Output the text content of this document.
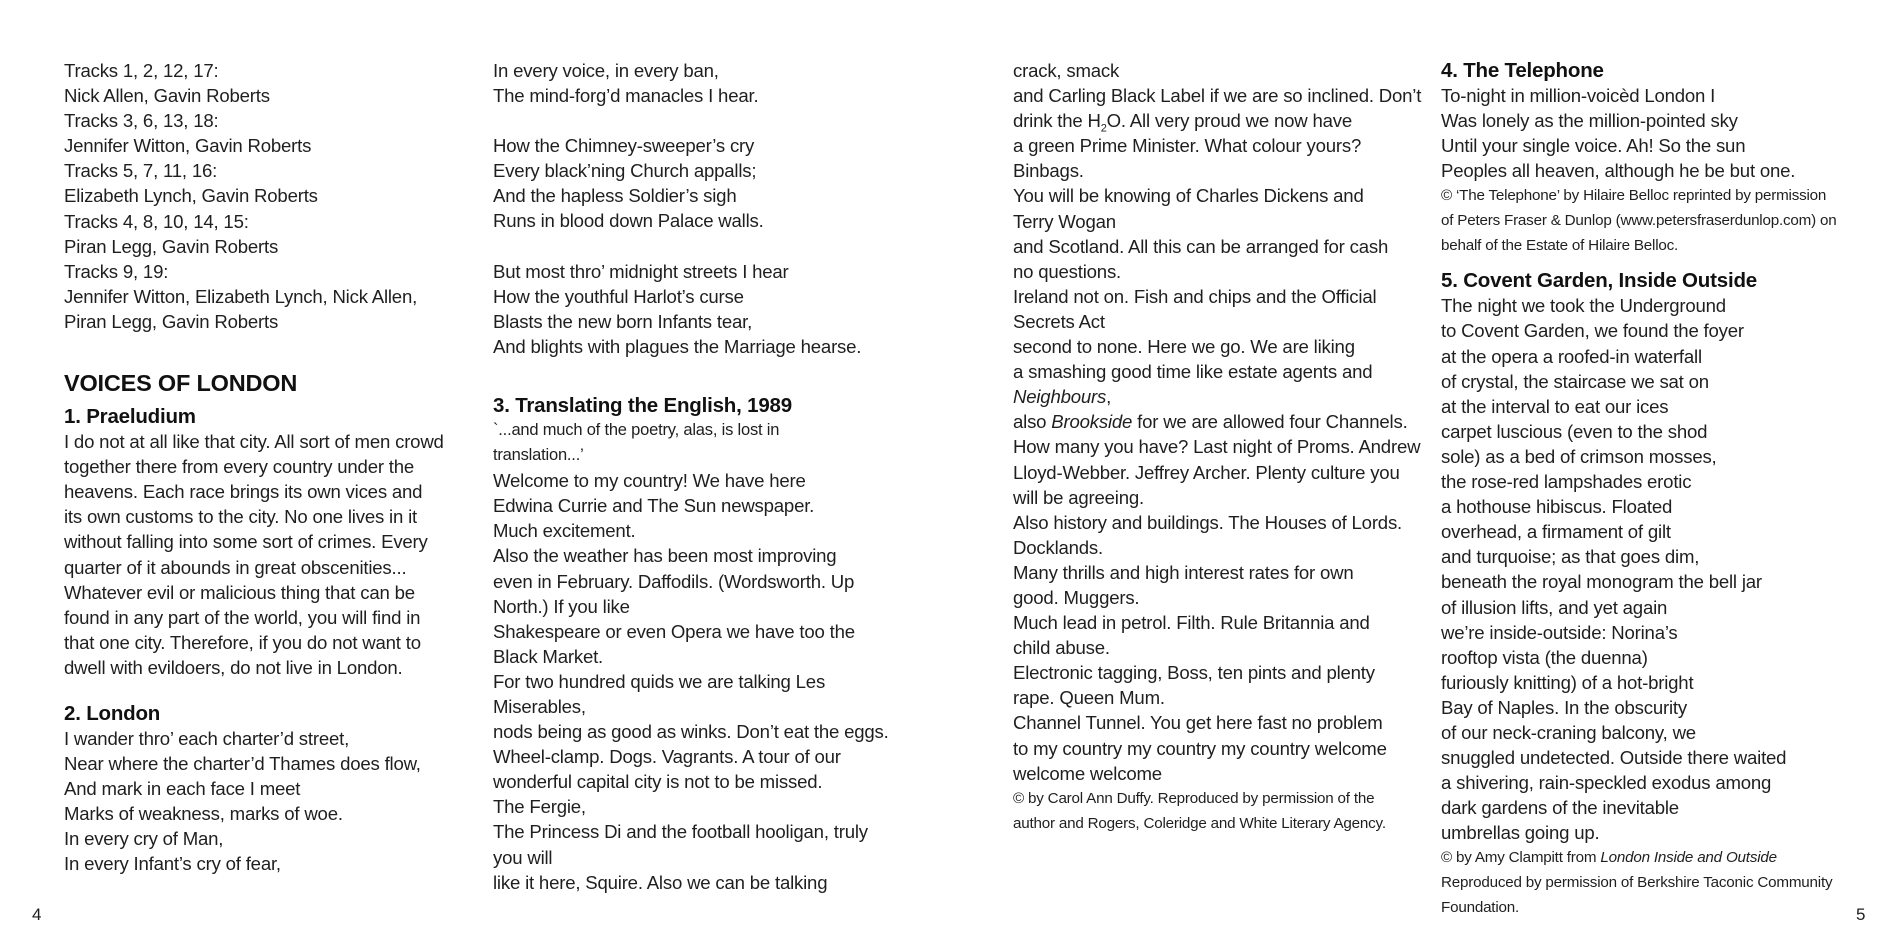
Tracks 1, 2, 12, 17:
Nick Allen, Gavin Roberts
Tracks 3, 6, 13, 18:
Jennifer Witton, Gavin Roberts
Tracks 5, 7, 11, 16:
Elizabeth Lynch, Gavin Roberts
Tracks 4, 8, 10, 14, 15:
Piran Legg, Gavin Roberts
Tracks 9, 19:
Jennifer Witton, Elizabeth Lynch, Nick Allen,
Piran Legg, Gavin Roberts
VOICES OF LONDON
1. Praeludium
I do not at all like that city. All sort of men crowd
together there from every country under the
heavens. Each race brings its own vices and
its own customs to the city. No one lives in it
without falling into some sort of crimes. Every
quarter of it abounds in great obscenities...
Whatever evil or malicious thing that can be
found in any part of the world, you will find in
that one city. Therefore, if you do not want to
dwell with evildoers, do not live in London.
2. London
I wander thro’ each charter’d street,
Near where the charter’d Thames does flow,
And mark in each face I meet
Marks of weakness, marks of woe.
In every cry of Man,
In every Infant’s cry of fear,
In every voice, in every ban,
The mind-forg’d manacles I hear.
How the Chimney-sweeper’s cry
Every black’ning Church appalls;
And the hapless Soldier’s sigh
Runs in blood down Palace walls.
But most thro’ midnight streets I hear
How the youthful Harlot’s curse
Blasts the new born Infants tear,
And blights with plagues the Marriage hearse.
3. Translating the English, 1989
`...and much of the poetry, alas, is lost in
translation...’
Welcome to my country! We have here
Edwina Currie and The Sun newspaper.
Much excitement.
Also the weather has been most improving
even in February. Daffodils. (Wordsworth. Up
North.) If you like
Shakespeare or even Opera we have too the
Black Market.
For two hundred quids we are talking Les
Miserables,
nods being as good as winks. Don’t eat the eggs.
Wheel-clamp. Dogs. Vagrants. A tour of our
wonderful capital city is not to be missed.
The Fergie,
The Princess Di and the football hooligan, truly
you will
like it here, Squire. Also we can be talking
crack, smack
and Carling Black Label if we are so inclined. Don’t
drink the $H_2O$. All very proud we now have
a green Prime Minister. What colour yours?
Binbags.
You will be knowing of Charles Dickens and
Terry Wogan
and Scotland. All this can be arranged for cash
no questions.
Ireland not on. Fish and chips and the Official
Secrets Act
second to none. Here we go. We are liking
a smashing good time like estate agents and
Neighbours,
also Brookside for we are allowed four Channels.
How many you have? Last night of Proms. Andrew
Lloyd-Webber. Jeffrey Archer. Plenty culture you
will be agreeing.
Also history and buildings. The Houses of Lords.
Docklands.
Many thrills and high interest rates for own
good. Muggers.
Much lead in petrol. Filth. Rule Britannia and
child abuse.
Electronic tagging, Boss, ten pints and plenty
rape. Queen Mum.
Channel Tunnel. You get here fast no problem
to my country my country my country welcome
welcome welcome
© by Carol Ann Duffy. Reproduced by permission of the
author and Rogers, Coleridge and White Literary Agency.
4. The Telephone
To-night in million-voicèd London I
Was lonely as the million-pointed sky
Until your single voice. Ah! So the sun
Peoples all heaven, although he be but one.
© ‘The Telephone’ by Hilaire Belloc reprinted by permission
of Peters Fraser & Dunlop (www.petersfraserdunlop.com) on
behalf of the Estate of Hilaire Belloc.
5. Covent Garden, Inside Outside
The night we took the Underground
to Covent Garden, we found the foyer
at the opera a roofed-in waterfall
of crystal, the staircase we sat on
at the interval to eat our ices
carpet luscious (even to the shod
sole) as a bed of crimson mosses,
the rose-red lampshades erotic
a hothouse hibiscus. Floated
overhead, a firmament of gilt
and turquoise; as that goes dim,
beneath the royal monogram the bell jar
of illusion lifts, and yet again
we’re inside-outside: Norina’s
rooftop vista (the duenna)
furiously knitting) of a hot-bright
Bay of Naples. In the obscurity
of our neck-craning balcony, we
snuggled undetected. Outside there waited
a shivering, rain-speckled exodus among
dark gardens of the inevitable
umbrellas going up.
© by Amy Clampitt from London Inside and Outside
Reproduced by permission of Berkshire Taconic Community
Foundation.
4	5
